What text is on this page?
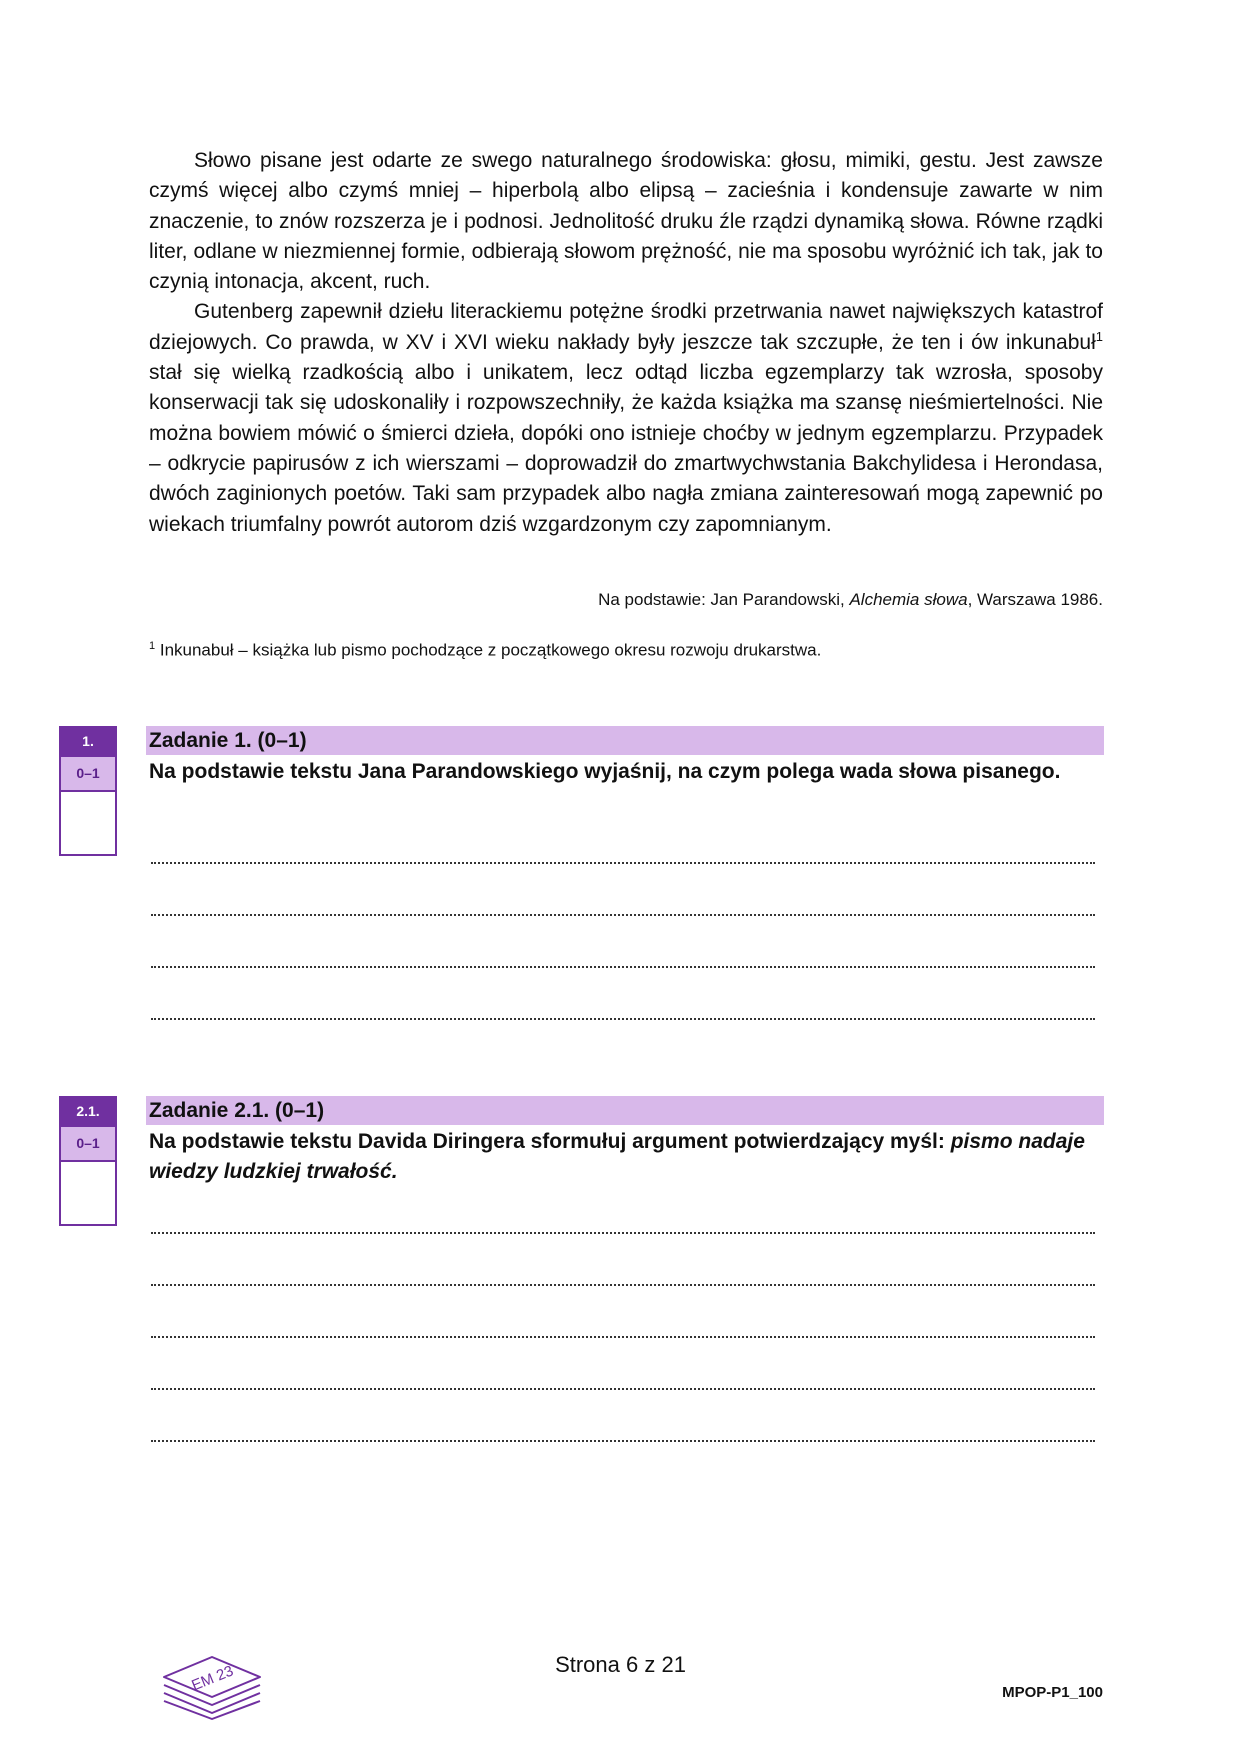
Słowo pisane jest odarte ze swego naturalnego środowiska: głosu, mimiki, gestu. Jest zawsze czymś więcej albo czymś mniej – hiperbolą albo elipsą – zacieśnia i kondensuje zawarte w nim znaczenie, to znów rozszerza je i podnosi. Jednolitość druku źle rządzi dynamiką słowa. Równe rządki liter, odlane w niezmiennej formie, odbierają słowom prężność, nie ma sposobu wyróżnić ich tak, jak to czynią intonacja, akcent, ruch.

Gutenberg zapewnił dziełu literackiemu potężne środki przetrwania nawet największych katastrof dziejowych. Co prawda, w XV i XVI wieku nakłady były jeszcze tak szczupłe, że ten i ów inkunabuł$^1$ stał się wielką rzadkością albo i unikatem, lecz odtąd liczba egzemplarzy tak wzrosła, sposoby konserwacji tak się udoskonaliły i rozpowszechniły, że każda książka ma szansę nieśmiertelności. Nie można bowiem mówić o śmierci dzieła, dopóki ono istnieje choćby w jednym egzemplarzu. Przypadek – odkrycie papirusów z ich wierszami – doprowadził do zmartwychwstania Bakchylidesa i Herondasa, dwóch zaginionych poetów. Taki sam przypadek albo nagła zmiana zainteresowań mogą zapewnić po wiekach triumfalny powrót autorom dziś wzgardzonym czy zapomnianym.

Na podstawie: Jan Parandowski, Alchemia słowa, Warszawa 1986.
$^1$ Inkunabuł – książka lub pismo pochodzące z początkowego okresu rozwoju drukarstwa.
1.
0–1
Zadanie 1. (0–1)
Na podstawie tekstu Jana Parandowskiego wyjaśnij, na czym polega wada słowa pisanego.
2.1.
0–1
Zadanie 2.1. (0–1)
Na podstawie tekstu Davida Diringera sformułuj argument potwierdzający myśl: pismo nadaje wiedzy ludzkiej trwałość.
EM 23	Strona 6 z 21
MPOP-P1_100
